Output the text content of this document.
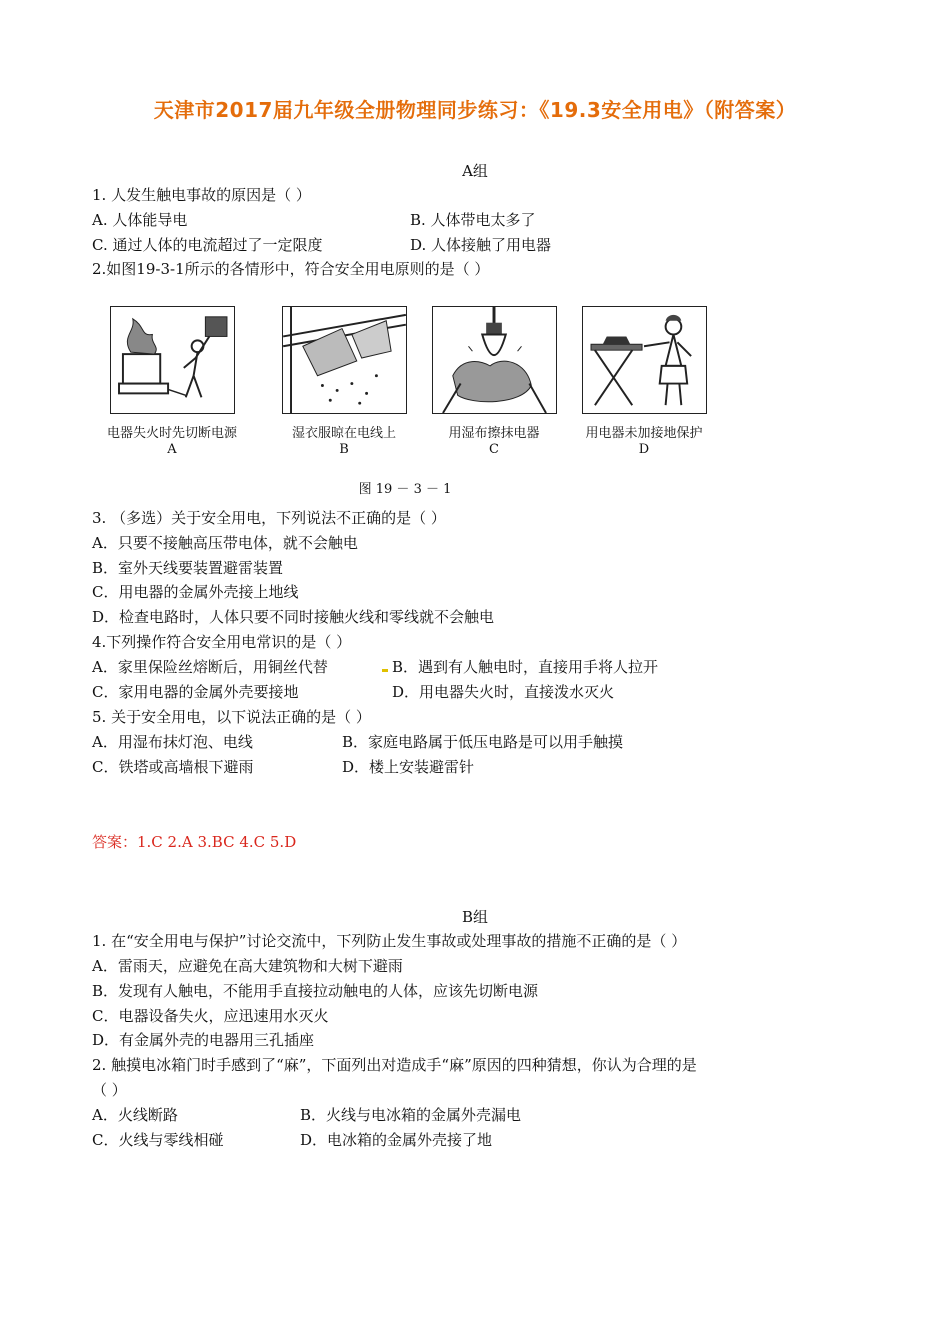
天津市2017届九年级全册物理同步练习：《19.3安全用电》（附答案）
A组
1. 人发生触电事故的原因是（ ）
A. 人体能导电	B. 人体带电太多了
C. 通过人体的电流超过了一定限度	D. 人体接触了用电器
2.如图19-3-1所示的各情形中，符合安全用电原则的是（ ）
电器失火时先切断电源
A
湿衣服晾在电线上
B
用湿布擦抹电器
C
用电器未加接地保护
D
图 19 － 3 － 1
3. （多选）关于安全用电，下列说法不正确的是（ ）
A．只要不接触高压带电体，就不会触电
B．室外天线要装置避雷装置
C．用电器的金属外壳接上地线
D．检查电路时，人体只要不同时接触火线和零线就不会触电
4.下列操作符合安全用电常识的是（ ）
A．家里保险丝熔断后，用铜丝代替	B．遇到有人触电时，直接用手将人拉开
C．家用电器的金属外壳要接地	D．用电器失火时，直接泼水灭火
5. 关于安全用电，以下说法正确的是（ ）
A．用湿布抹灯泡、电线	B．家庭电路属于低压电路是可以用手触摸
C．铁塔或高墙根下避雨	D．楼上安装避雷针
答案：1.C 2.A 3.BC 4.C 5.D
B组
1. 在“安全用电与保护”讨论交流中，下列防止发生事故或处理事故的措施不正确的是（ ）
A．雷雨天，应避免在高大建筑物和大树下避雨
B．发现有人触电，不能用手直接拉动触电的人体，应该先切断电源
C．电器设备失火，应迅速用水灭火
D．有金属外壳的电器用三孔插座
2. 触摸电冰箱门时手感到了“麻”，下面列出对造成手“麻”原因的四种猜想，你认为合理的是
（ ）
A．火线断路	B．火线与电冰箱的金属外壳漏电
C．火线与零线相碰	D．电冰箱的金属外壳接了地
